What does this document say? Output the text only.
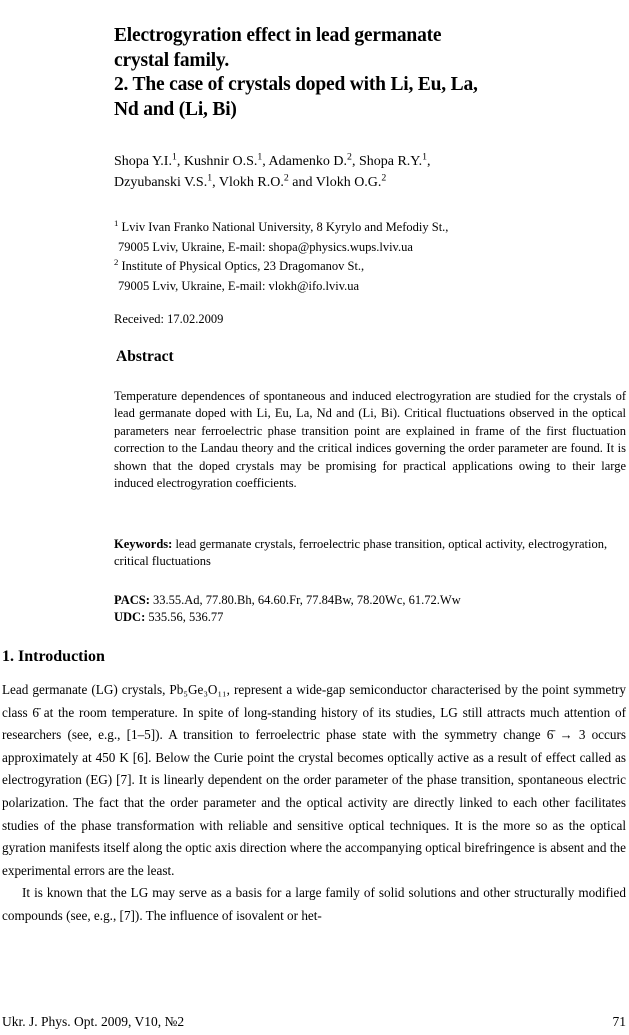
Electrogyration effect in lead germanate
crystal family.
2. The case of crystals doped with Li, Eu, La,
Nd and (Li, Bi)
Shopa Y.I.$^1$, Kushnir O.S.$^1$, Adamenko D.$^2$, Shopa R.Y.$^1$,
Dzyubanski V.S.$^1$, Vlokh R.O.$^2$ and Vlokh O.G.$^2$
$^1$ Lviv Ivan Franko National University, 8 Kyrylo and Mefodiy St.,
79005 Lviv, Ukraine, E-mail: shopa@physics.wups.lviv.ua
$^2$ Institute of Physical Optics, 23 Dragomanov St.,
79005 Lviv, Ukraine, E-mail: vlokh@ifo.lviv.ua
Received: 17.02.2009
Abstract
Temperature dependences of spontaneous and induced electrogyration are studied for the crystals of lead germanate doped with Li, Eu, La, Nd and (Li, Bi). Critical fluctuations observed in the optical parameters near ferroelectric phase transition point are explained in frame of the first fluctuation correction to the Landau theory and the critical indices governing the order parameter are found. It is shown that the doped crystals may be promising for practical applications owing to their large induced electrogyration coefficients.
Keywords: lead germanate crystals, ferroelectric phase transition, optical activity, electrogyration, critical fluctuations
PACS: 33.55.Ad, 77.80.Bh, 64.60.Fr, 77.84Bw, 78.20Wc, 61.72.Ww
UDC: 535.56, 536.77
1. Introduction

Lead germanate (LG) crystals, Pb₅Ge₃O₁₁, represent a wide-gap semiconductor characterised by the point symmetry class 6̄ at the room temperature. In spite of long-standing history of its studies, LG still attracts much attention of researchers (see, e.g., [1–5]). A transition to ferroelectric phase state with the symmetry change 6̄ → 3 occurs approximately at 450 K [6]. Below the Curie point the crystal becomes optically active as a result of effect called as electrogyration (EG) [7]. It is linearly dependent on the order parameter of the phase transition, spontaneous electric polarization. The fact that the order parameter and the optical activity are directly linked to each other facilitates studies of the phase transformation with reliable and sensitive optical techniques. It is the more so as the optical gyration manifests itself along the optic axis direction where the accompanying optical birefringence is absent and the experimental errors are the least.

It is known that the LG may serve as a basis for a large family of solid solutions and other structurally modified compounds (see, e.g., [7]). The influence of isovalent or het-

Ukr. J. Phys. Opt. 2009, V10, №2	71
